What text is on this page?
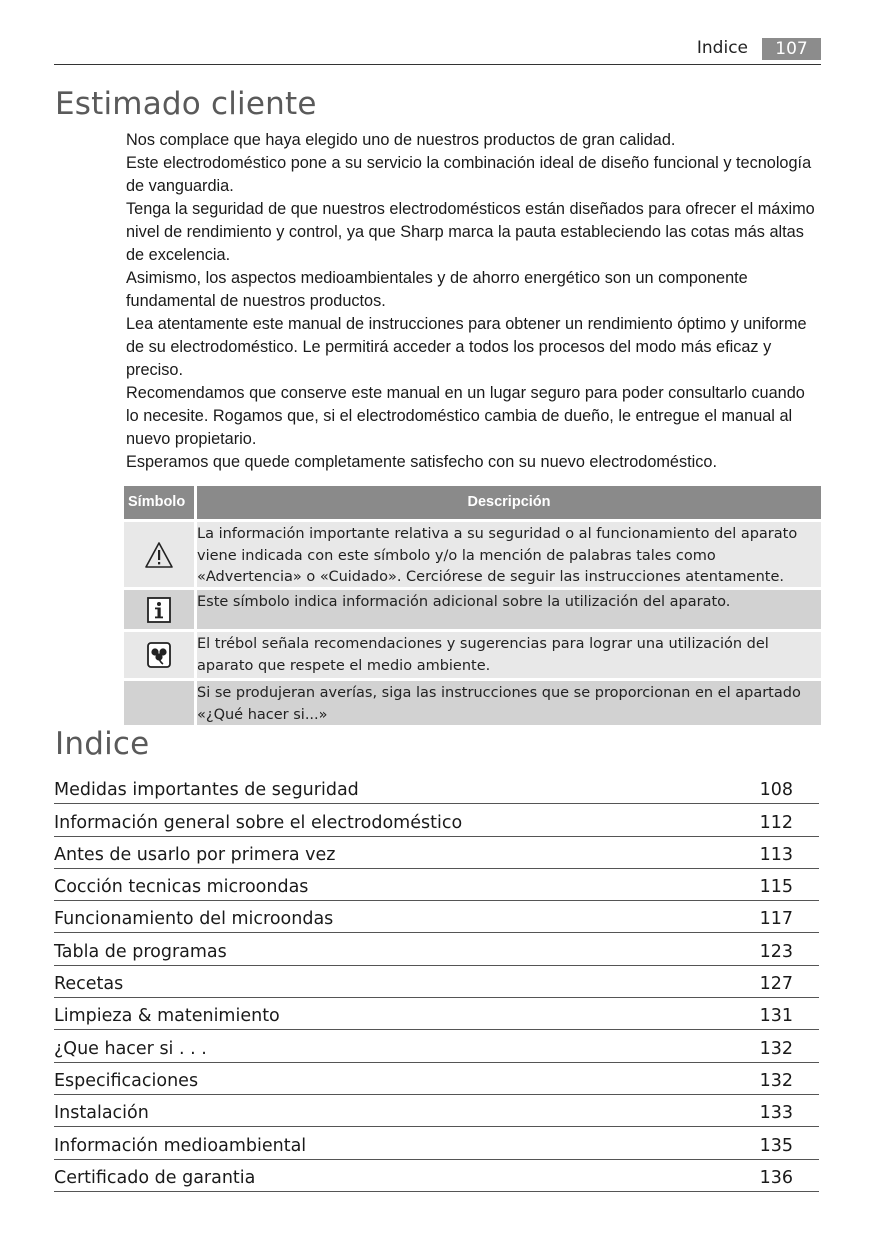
Indice	107
Estimado cliente

Nos complace que haya elegido uno de nuestros productos de gran calidad.

Este electrodoméstico pone a su servicio la combinación ideal de diseño funcional y tecnología de vanguardia.

Tenga la seguridad de que nuestros electrodomésticos están diseñados para ofrecer el máximo nivel de rendimiento y control, ya que Sharp marca la pauta estableciendo las cotas más altas de excelencia.

Asimismo, los aspectos medioambientales y de ahorro energético son un componente fundamental de nuestros productos.

Lea atentamente este manual de instrucciones para obtener un rendimiento óptimo y uniforme de su electrodoméstico. Le permitirá acceder a todos los procesos del modo más eficaz y preciso.

Recomendamos que conserve este manual en un lugar seguro para poder consultarlo cuando lo necesite. Rogamos que, si el electrodoméstico cambia de dueño, le entregue el manual al nuevo propietario.

Esperamos que quede completamente satisfecho con su nuevo electrodoméstico.

Símbolo	Descripción
La información importante relativa a su seguridad o al funcionamiento del aparato viene indicada con este símbolo y/o la mención de palabras tales como «Advertencia» o «Cuidado». Cerciórese de seguir las instrucciones atentamente.
Este símbolo indica información adicional sobre la utilización del aparato.
El trébol señala recomendaciones y sugerencias para lograr una utilización del aparato que respete el medio ambiente.
Si se produjeran averías, siga las instrucciones que se proporcionan en el apartado «¿Qué hacer si...»
Indice
Medidas importantes de seguridad	108
Información general sobre el electrodoméstico	112
Antes de usarlo por primera vez	113
Cocción tecnicas microondas	115
Funcionamiento del microondas	117
Tabla de programas	123
Recetas	127
Limpieza & matenimiento	131
¿Que hacer si . . .	132
Especificaciones	132
Instalación	133
Información medioambiental	135
Certificado de garantia	136
